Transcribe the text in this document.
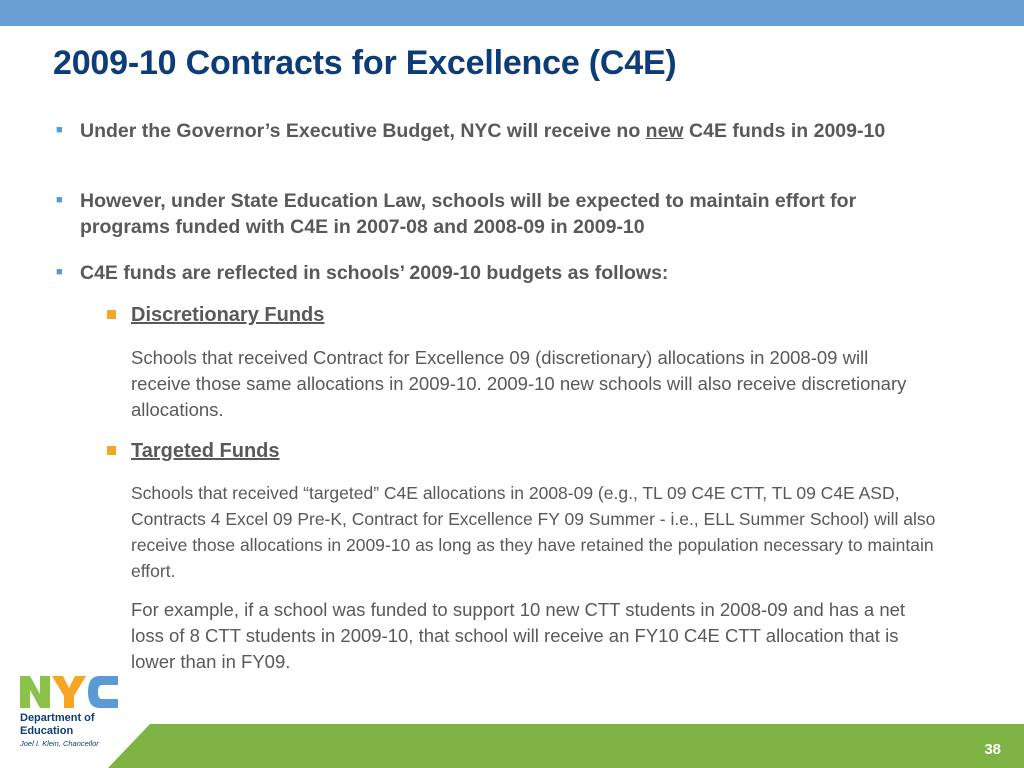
2009-10 Contracts for Excellence (C4E)
■ Under the Governor’s Executive Budget, NYC will receive no new C4E funds in 2009-10
■ However, under State Education Law, schools will be expected to maintain effort for programs funded with C4E in 2007-08 and 2008-09 in 2009-10
■ C4E funds are reflected in schools’ 2009-10 budgets as follows:
Discretionary Funds
Schools that received Contract for Excellence 09 (discretionary) allocations in 2008-09 will receive those same allocations in 2009-10. 2009-10 new schools will also receive discretionary allocations.
Targeted Funds
Schools that received “targeted” C4E allocations in 2008-09 (e.g., TL 09 C4E CTT, TL 09 C4E ASD, Contracts 4 Excel 09 Pre-K, Contract for Excellence FY 09 Summer - i.e., ELL Summer School) will also receive those allocations in 2009-10 as long as they have retained the population necessary to maintain effort.
For example, if a school was funded to support 10 new CTT students in 2008-09 and has a net loss of 8 CTT students in 2009-10, that school will receive an FY10 C4E CTT allocation that is lower than in FY09.
Department of
Education
Joel I. Klein, Chancellor	38
